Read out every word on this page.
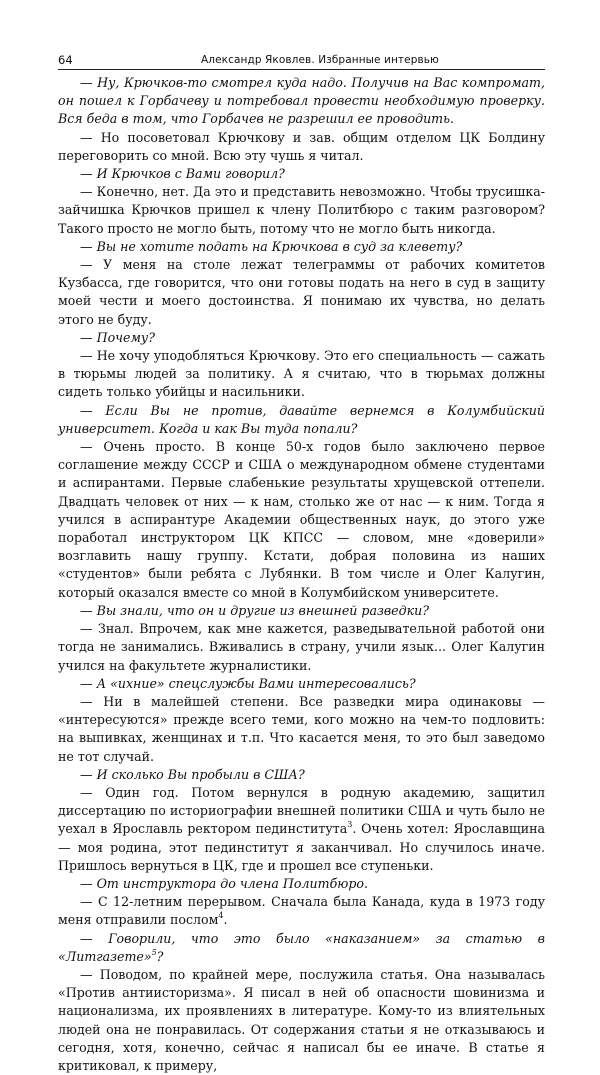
64	Александр Яковлев. Избранные интервью

— Ну, Крючков-то смотрел куда надо. Получив на Вас компромат, он пошел к Горбачеву и потребовал провести необходимую проверку. Вся беда в том, что Горбачев не разрешил ее проводить.

— Но посоветовал Крючкову и зав. общим отделом ЦК Болдину переговорить со мной. Всю эту чушь я читал.

— И Крючков с Вами говорил?

— Конечно, нет. Да это и представить невозможно. Чтобы трусишка-зайчишка Крючков пришел к члену Политбюро с таким разговором? Такого просто не могло быть, потому что не могло быть никогда.

— Вы не хотите подать на Крючкова в суд за клевету?

— У меня на столе лежат телеграммы от рабочих комитетов Кузбасса, где говорится, что они готовы подать на него в суд в защиту моей чести и моего достоинства. Я понимаю их чувства, но делать этого не буду.

— Почему?

— Не хочу уподобляться Крючкову. Это его специальность — сажать в тюрьмы людей за политику. А я считаю, что в тюрьмах должны сидеть только убийцы и насильники.

— Если Вы не против, давайте вернемся в Колумбийский университет. Когда и как Вы туда попали?

— Очень просто. В конце 50-х годов было заключено первое соглашение между СССР и США о международном обмене студентами и аспирантами. Первые слабенькие результаты хрущевской оттепели. Двадцать человек от них — к нам, столько же от нас — к ним. Тогда я учился в аспирантуре Академии общественных наук, до этого уже поработал инструктором ЦК КПСС — словом, мне «доверили» возглавить нашу группу. Кстати, добрая половина из наших «студентов» были ребята с Лубянки. В том числе и Олег Калугин, который оказался вместе со мной в Колумбийском университете.

— Вы знали, что он и другие из внешней разведки?

— Знал. Впрочем, как мне кажется, разведывательной работой они тогда не занимались. Вживались в страну, учили язык... Олег Калугин учился на факультете журналистики.

— А «ихние» спецслужбы Вами интересовались?

— Ни в малейшей степени. Все разведки мира одинаковы — «интересуются» прежде всего теми, кого можно на чем-то подловить: на выпивках, женщинах и т.п. Что касается меня, то это был заведомо не тот случай.

— И сколько Вы пробыли в США?

— Один год. Потом вернулся в родную академию, защитил диссертацию по историографии внешней политики США и чуть было не уехал в Ярославль ректором пединститута$^3$. Очень хотел: Ярославщина — моя родина, этот пединститут я заканчивал. Но случилось иначе. Пришлось вернуться в ЦК, где и прошел все ступеньки.

— От инструктора до члена Политбюро.

— С 12-летним перерывом. Сначала была Канада, куда в 1973 году меня отправили послом$^4$.

— Говорили, что это было «наказанием» за статью в «Литгазете»$^5$?

— Поводом, по крайней мере, послужила статья. Она называлась «Против антиисторизма». Я писал в ней об опасности шовинизма и национализма, их проявлениях в литературе. Кому-то из влиятельных людей она не понравилась. От содержания статьи я не отказываюсь и сегодня, хотя, конечно, сейчас я написал бы ее иначе. В статье я критиковал, к примеру,
